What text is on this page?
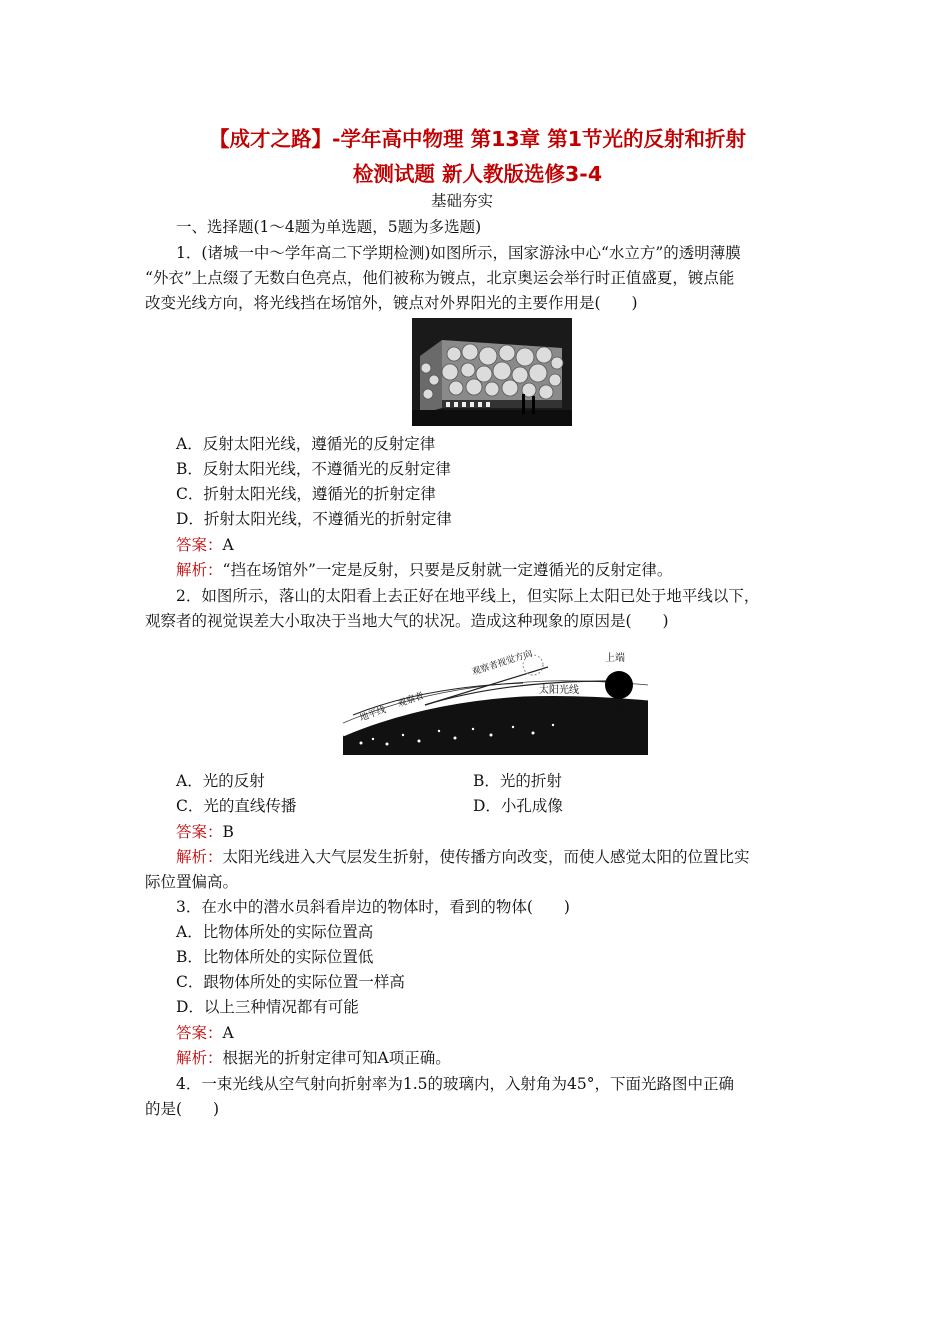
【成才之路】-学年高中物理 第13章 第1节光的反射和折射
检测试题 新人教版选修3-4
基础夯实
一、选择题(1～4题为单选题，5题为多选题)
1．(诸城一中～学年高二下学期检测)如图所示，国家游泳中心“水立方”的透明薄膜
“外衣”上点缀了无数白色亮点，他们被称为镀点，北京奥运会举行时正值盛夏，镀点能
改变光线方向，将光线挡在场馆外，镀点对外界阳光的主要作用是(　　)
A．反射太阳光线，遵循光的反射定律
B．反射太阳光线，不遵循光的反射定律
C．折射太阳光线，遵循光的折射定律
D．折射太阳光线，不遵循光的折射定律
答案：A
解析：“挡在场馆外”一定是反射，只要是反射就一定遵循光的反射定律。
2．如图所示，落山的太阳看上去正好在地平线上，但实际上太阳已处于地平线以下，
观察者的视觉误差大小取决于当地大气的状况。造成这种现象的原因是(　　)
观察者视觉方向	上端
太阳光线
下端
地平线
观察者
大气层
A．光的反射	B．光的折射
C．光的直线传播	D．小孔成像
答案：B
解析：太阳光线进入大气层发生折射，使传播方向改变，而使人感觉太阳的位置比实
际位置偏高。
3．在水中的潜水员斜看岸边的物体时，看到的物体(　　)
A．比物体所处的实际位置高
B．比物体所处的实际位置低
C．跟物体所处的实际位置一样高
D．以上三种情况都有可能
答案：A
解析：根据光的折射定律可知A项正确。
4．一束光线从空气射向折射率为1.5的玻璃内，入射角为45°，下面光路图中正确
的是(　　)
